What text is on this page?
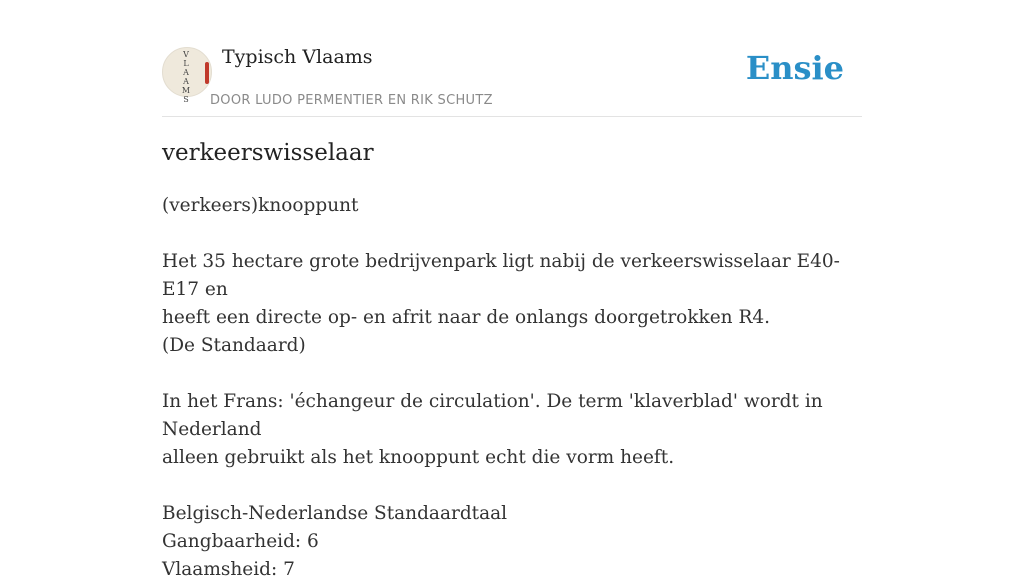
V
L
A
A
M
S
Typisch Vlaams
DOOR LUDO PERMENTIER EN RIK SCHUTZ
Ensie
verkeerswisselaar

(verkeers)knooppunt

Het 35 hectare grote bedrijvenpark ligt nabij de verkeerswisselaar E40-E17 en

heeft een directe op- en afrit naar de onlangs doorgetrokken R4.

(De Standaard)

In het Frans: 'échangeur de circulation'. De term 'klaverblad' wordt in Nederland

alleen gebruikt als het knooppunt echt die vorm heeft.

Belgisch-Nederlandse Standaardtaal

Gangbaarheid: 6

Vlaamsheid: 7
